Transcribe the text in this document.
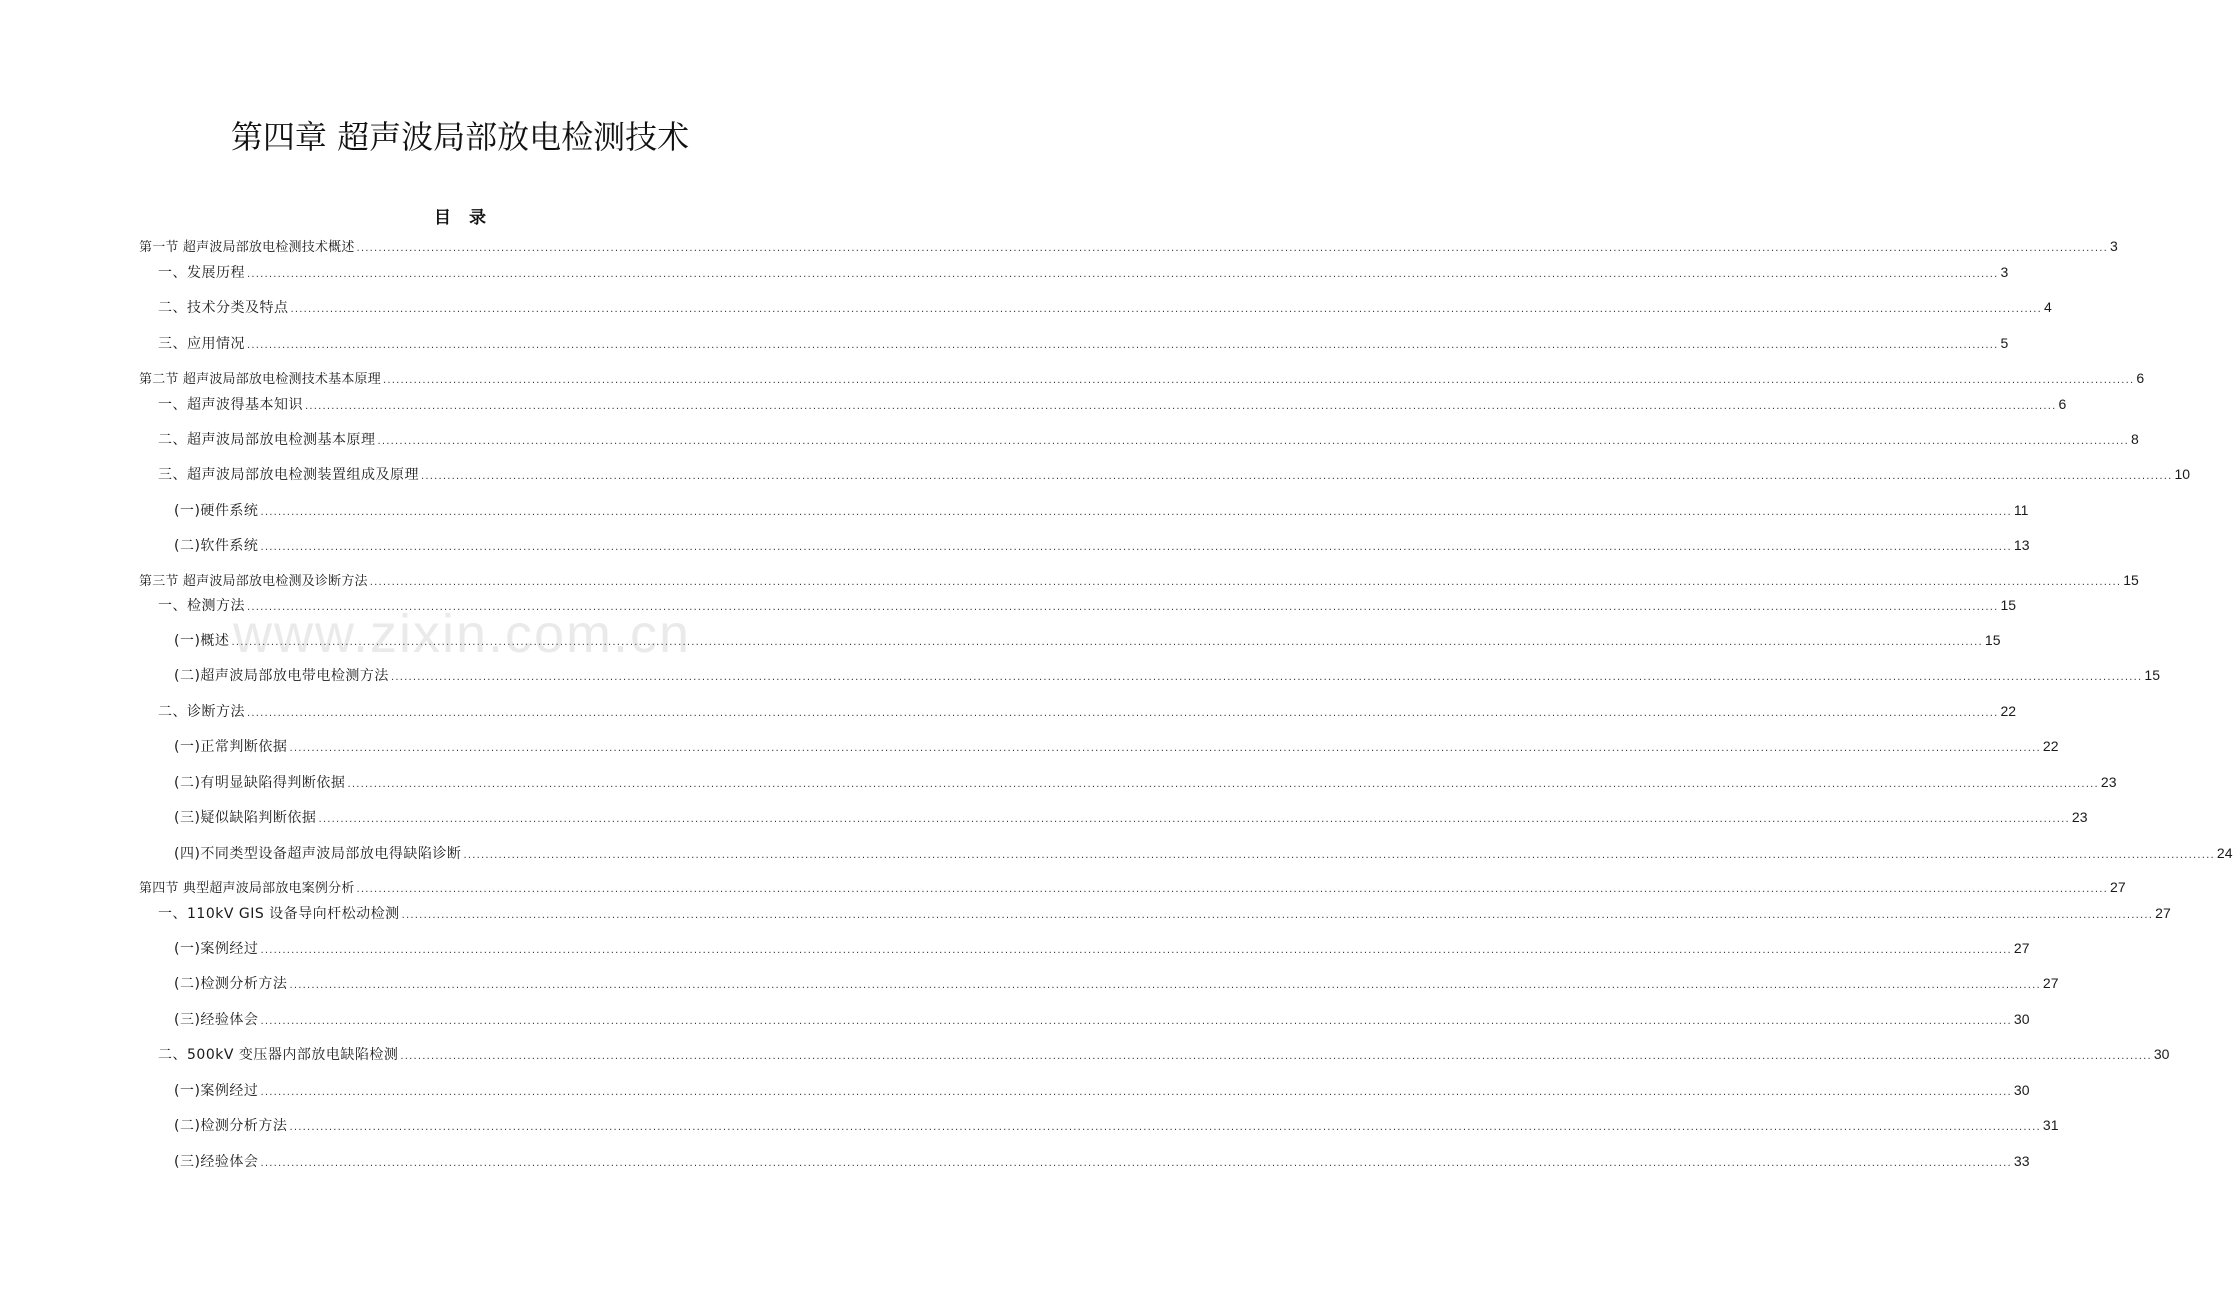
第四章 超声波局部放电检测技术
目 录
第一节 超声波局部放电检测技术概述 ................................................................................................................................................................................................................................................................................................................................................................................................................ 3
一、发展历程 ................................................................................................................................................................................................................................................................................................................................................................................................................ 3
二、技术分类及特点 ................................................................................................................................................................................................................................................................................................................................................................................................................ 4
三、应用情况 ................................................................................................................................................................................................................................................................................................................................................................................................................ 5
第二节 超声波局部放电检测技术基本原理 ................................................................................................................................................................................................................................................................................................................................................................................................................ 6
一、超声波得基本知识 ................................................................................................................................................................................................................................................................................................................................................................................................................ 6
二、超声波局部放电检测基本原理 ................................................................................................................................................................................................................................................................................................................................................................................................................ 8
三、超声波局部放电检测装置组成及原理 ................................................................................................................................................................................................................................................................................................................................................................................................................ 10
(一)硬件系统 ................................................................................................................................................................................................................................................................................................................................................................................................................ 11
(二)软件系统 ................................................................................................................................................................................................................................................................................................................................................................................................................ 13
第三节 超声波局部放电检测及诊断方法 ................................................................................................................................................................................................................................................................................................................................................................................................................ 15
一、检测方法 ................................................................................................................................................................................................................................................................................................................................................................................................................ 15
(一)概述 ................................................................................................................................................................................................................................................................................................................................................................................................................ 15
(二)超声波局部放电带电检测方法 ................................................................................................................................................................................................................................................................................................................................................................................................................ 15
二、诊断方法 ................................................................................................................................................................................................................................................................................................................................................................................................................ 22
(一)正常判断依据 ................................................................................................................................................................................................................................................................................................................................................................................................................ 22
(二)有明显缺陷得判断依据 ................................................................................................................................................................................................................................................................................................................................................................................................................ 23
(三)疑似缺陷判断依据 ................................................................................................................................................................................................................................................................................................................................................................................................................ 23
(四)不同类型设备超声波局部放电得缺陷诊断 ................................................................................................................................................................................................................................................................................................................................................................................................................ 24
第四节 典型超声波局部放电案例分析 ................................................................................................................................................................................................................................................................................................................................................................................................................ 27
一、110kV GIS 设备导向杆松动检测 ................................................................................................................................................................................................................................................................................................................................................................................................................ 27
(一)案例经过 ................................................................................................................................................................................................................................................................................................................................................................................................................ 27
(二)检测分析方法 ................................................................................................................................................................................................................................................................................................................................................................................................................ 27
(三)经验体会 ................................................................................................................................................................................................................................................................................................................................................................................................................ 30
二、500kV 变压器内部放电缺陷检测 ................................................................................................................................................................................................................................................................................................................................................................................................................ 30
(一)案例经过 ................................................................................................................................................................................................................................................................................................................................................................................................................ 30
(二)检测分析方法 ................................................................................................................................................................................................................................................................................................................................................................................................................ 31
(三)经验体会 ................................................................................................................................................................................................................................................................................................................................................................................................................ 33
www.zixin.com.cn
